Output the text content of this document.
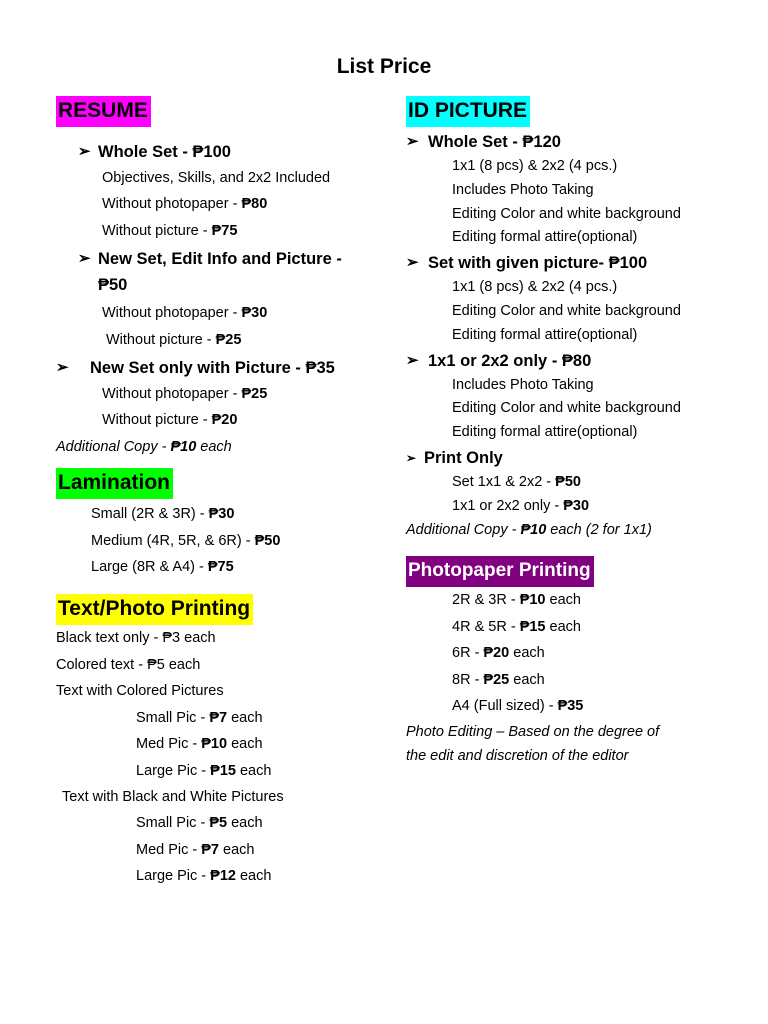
List Price
RESUME
➢ Whole Set - ₱100
Objectives, Skills, and 2x2 Included
Without photopaper - ₱80
Without picture - ₱75
➢ New Set, Edit Info and Picture -
₱50
Without photopaper - ₱30
Without picture - ₱25
➢	New Set only with Picture - ₱35
Without photopaper - ₱25
Without picture - ₱20
Additional Copy - ₱10 each
Lamination
Small (2R & 3R) - ₱30
Medium (4R, 5R, & 6R) - ₱50
Large (8R & A4) - ₱75
Text/Photo Printing
Black text only - ₱3 each
Colored text - ₱5 each
Text with Colored Pictures
Small Pic - ₱7 each
Med Pic - ₱10 each
Large Pic - ₱15 each
Text with Black and White Pictures
Small Pic - ₱5 each
Med Pic - ₱7 each
Large Pic - ₱12 each
ID PICTURE
➢ Whole Set - ₱120
1x1 (8 pcs) & 2x2 (4 pcs.)
Includes Photo Taking
Editing Color and white background
Editing formal attire(optional)
➢ Set with given picture- ₱100
1x1 (8 pcs) & 2x2 (4 pcs.)
Editing Color and white background
Editing formal attire(optional)
➢ 1x1 or 2x2 only - ₱80
Includes Photo Taking
Editing Color and white background
Editing formal attire(optional)
➢ Print Only
Set 1x1 & 2x2 - ₱50
1x1 or 2x2 only - ₱30
Additional Copy - ₱10 each (2 for 1x1)
Photopaper Printing
2R & 3R - ₱10 each
4R & 5R - ₱15 each
6R - ₱20 each
8R - ₱25 each
A4 (Full sized) - ₱35
Photo Editing – Based on the degree of
the edit and discretion of the editor
